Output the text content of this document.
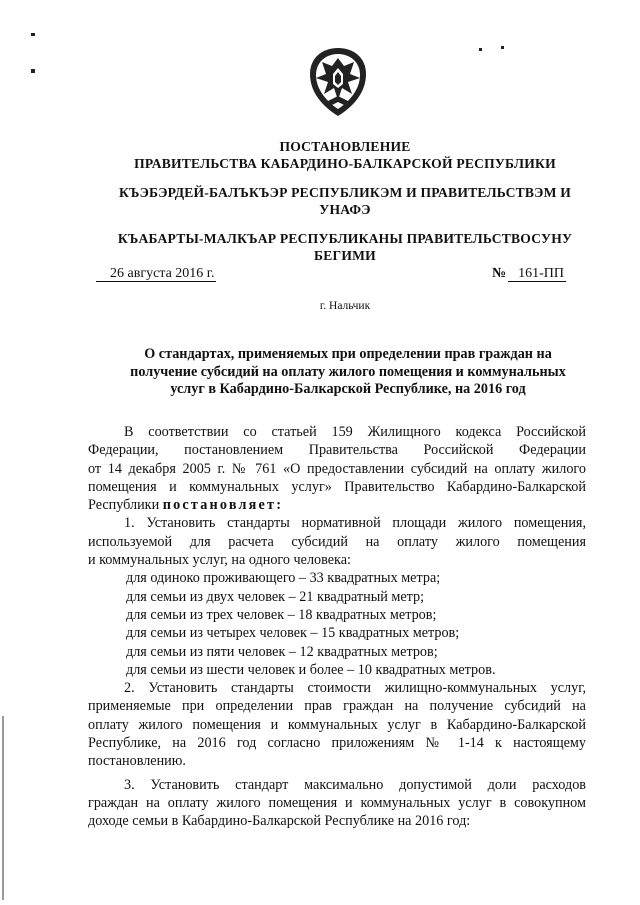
ПОСТАНОВЛЕНИЕ
ПРАВИТЕЛЬСТВА КАБАРДИНО-БАЛКАРСКОЙ РЕСПУБЛИКИ
КЪЭБЭРДЕЙ-БАЛЪКЪЭР РЕСПУБЛИКЭМ И ПРАВИТЕЛЬСТВЭМ И
УНАФЭ
КЪАБАРТЫ-МАЛКЪАР РЕСПУБЛИКАНЫ ПРАВИТЕЛЬСТВОСУНУ
БЕГИМИ
26 августа 2016 г.	№ 161-ПП
г. Нальчик
О стандартах, применяемых при определении прав граждан на
получение субсидий на оплату жилого помещения и коммунальных
услуг в Кабардино-Балкарской Республике, на 2016 год
В соответствии со статьей 159 Жилищного кодекса Российской
Федерации, постановлением Правительства Российской Федерации
от 14 декабря 2005 г. № 761 «О предоставлении субсидий на оплату жилого
помещения и коммунальных услуг» Правительство Кабардино-Балкарской
Республики постановляет:
1. Установить стандарты нормативной площади жилого помещения,
используемой для расчета субсидий на оплату жилого помещения
и коммунальных услуг, на одного человека:
для одиноко проживающего – 33 квадратных метра;
для семьи из двух человек – 21 квадратный метр;
для семьи из трех человек – 18 квадратных метров;
для семьи из четырех человек – 15 квадратных метров;
для семьи из пяти человек – 12 квадратных метров;
для семьи из шести человек и более – 10 квадратных метров.
2. Установить стандарты стоимости жилищно-коммунальных услуг,
применяемые при определении прав граждан на получение субсидий на
оплату жилого помещения и коммунальных услуг в Кабардино-Балкарской
Республике, на 2016 год согласно приложениям № 1-14 к настоящему
постановлению.
3. Установить стандарт максимально допустимой доли расходов
граждан на оплату жилого помещения и коммунальных услуг в совокупном
доходе семьи в Кабардино-Балкарской Республике на 2016 год:
